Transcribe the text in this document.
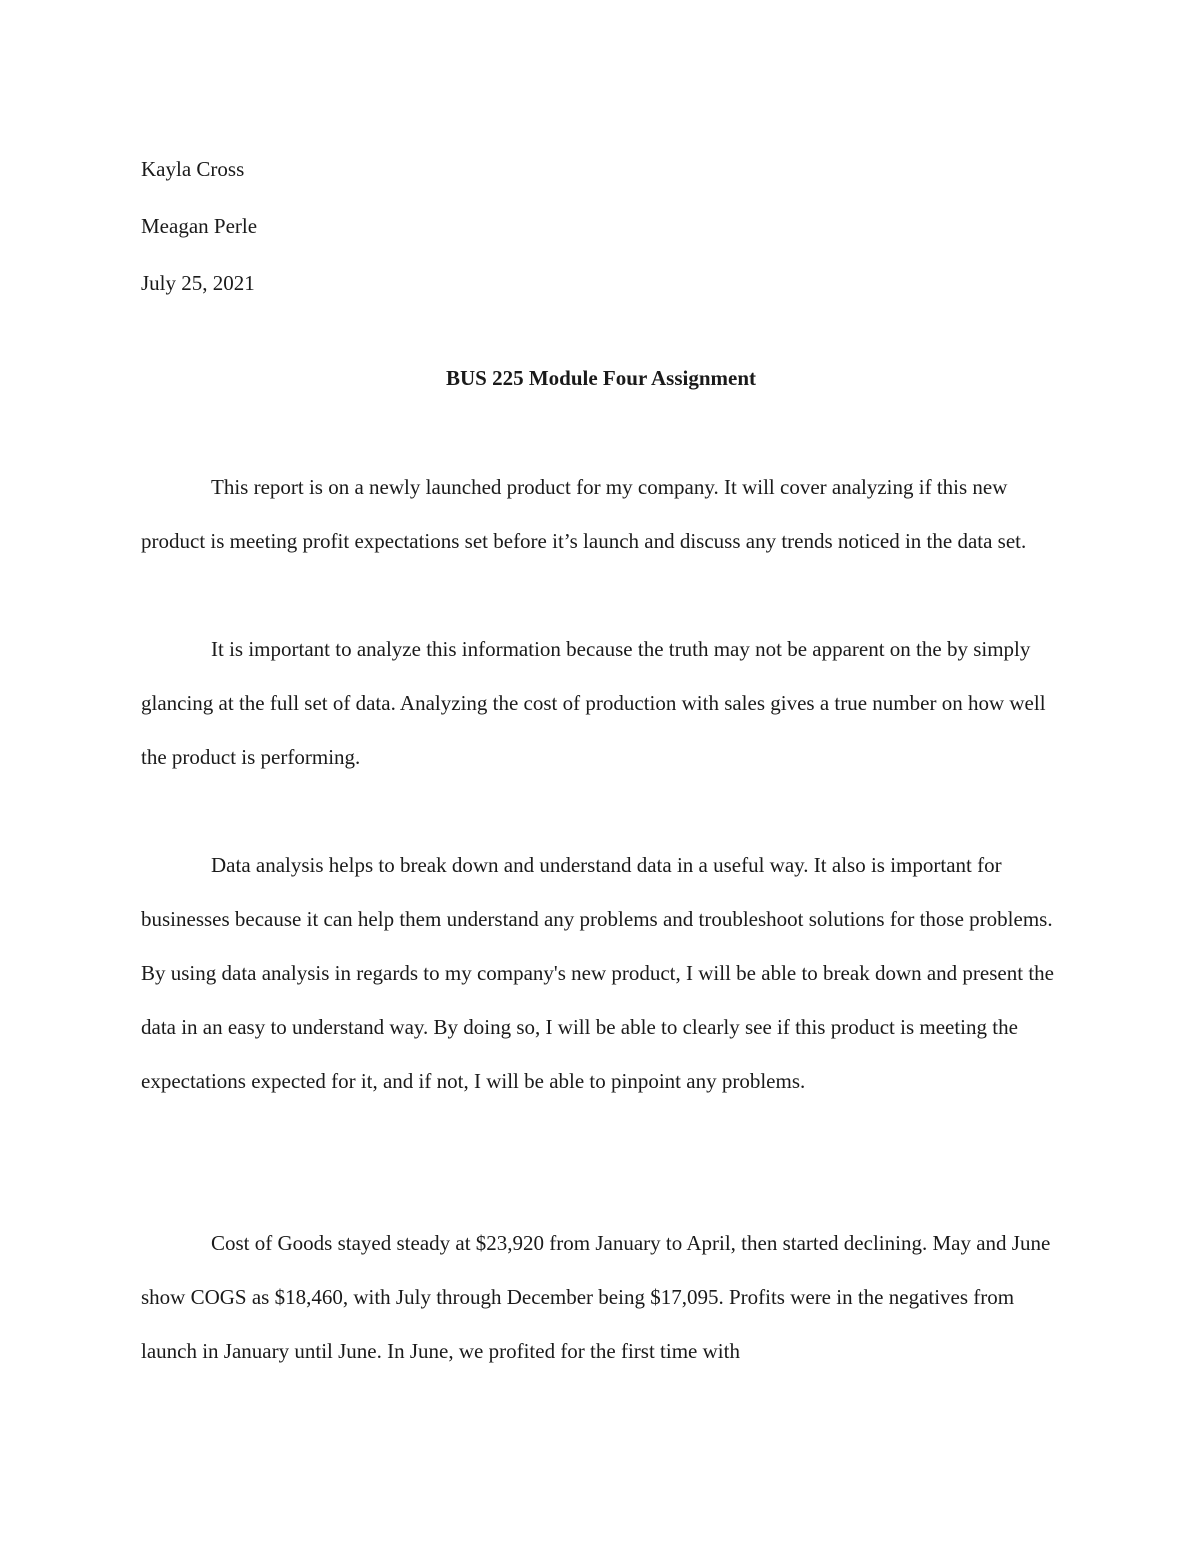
Kayla Cross

Meagan Perle

July 25, 2021

BUS 225 Module Four Assignment

This report is on a newly launched product for my company. It will cover analyzing if this new product is meeting profit expectations set before it’s launch and discuss any trends noticed in the data set.

It is important to analyze this information because the truth may not be apparent on the by simply glancing at the full set of data. Analyzing the cost of production with sales gives a true number on how well the product is performing.

Data analysis helps to break down and understand data in a useful way. It also is important for businesses because it can help them understand any problems and troubleshoot solutions for those problems. By using data analysis in regards to my company's new product, I will be able to break down and present the data in an easy to understand way. By doing so, I will be able to clearly see if this product is meeting the expectations expected for it, and if not, I will be able to pinpoint any problems.

Cost of Goods stayed steady at $23,920 from January to April, then started declining. May and June show COGS as $18,460, with July through December being $17,095. Profits were in the negatives from launch in January until June. In June, we profited for the first time with
